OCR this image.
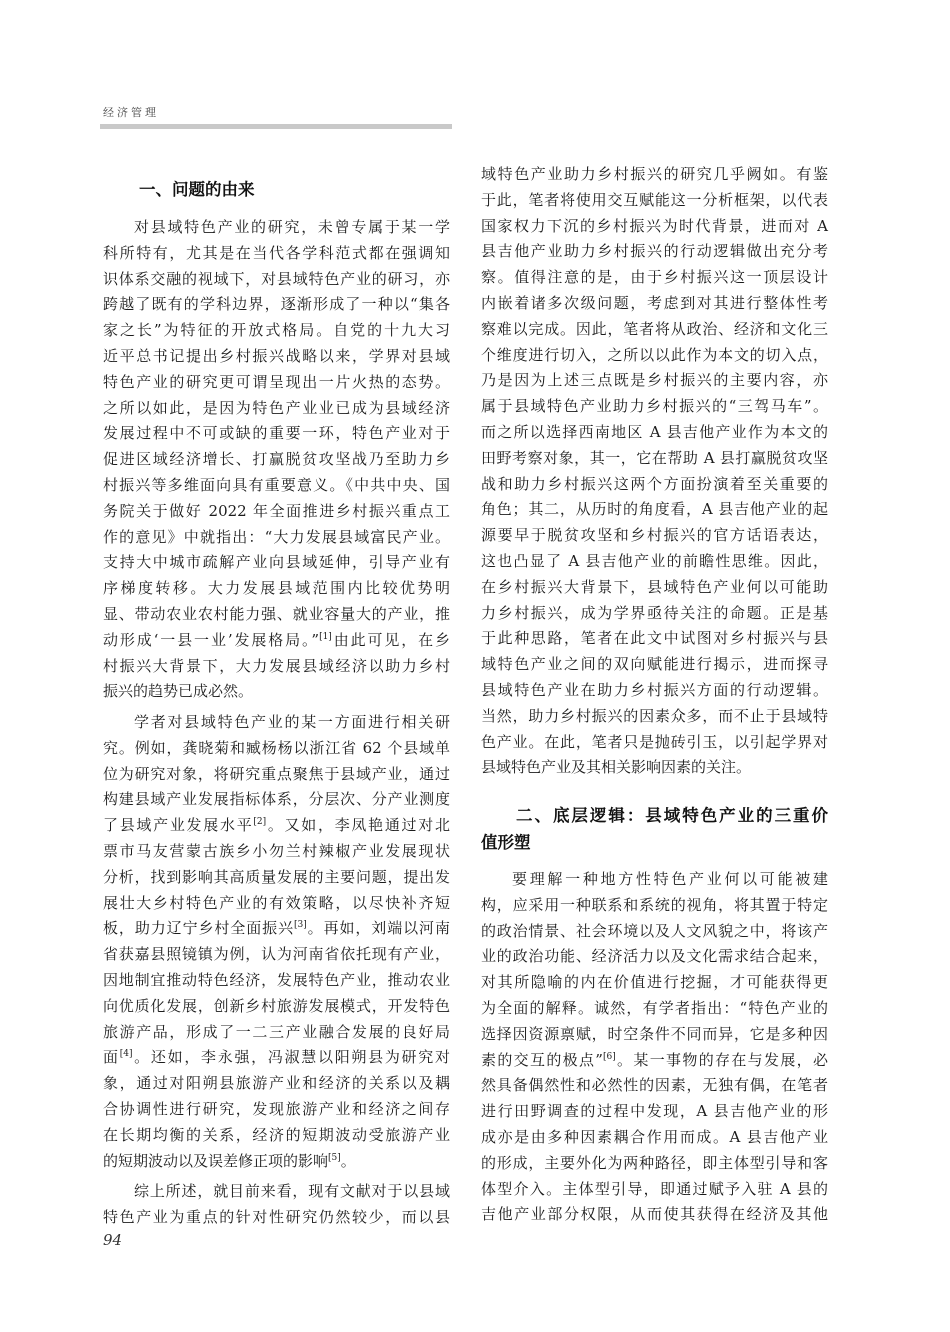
经济管理
一、问题的由来
对县域特色产业的研究，未曾专属于某一学
科所特有，尤其是在当代各学科范式都在强调知
识体系交融的视域下，对县域特色产业的研习，亦
跨越了既有的学科边界，逐渐形成了一种以“集各
家之长”为特征的开放式格局。自党的十九大习
近平总书记提出乡村振兴战略以来，学界对县域
特色产业的研究更可谓呈现出一片火热的态势。
之所以如此，是因为特色产业业已成为县域经济
发展过程中不可或缺的重要一环，特色产业对于
促进区域经济增长、打赢脱贫攻坚战乃至助力乡
村振兴等多维面向具有重要意义。《中共中央、国
务院关于做好 2022 年全面推进乡村振兴重点工
作的意见》中就指出：“大力发展县域富民产业。
支持大中城市疏解产业向县域延伸，引导产业有
序梯度转移。大力发展县域范围内比较优势明
显、带动农业农村能力强、就业容量大的产业，推
动形成‘一县一业’发展格局。”[1]由此可见，在乡
村振兴大背景下，大力发展县域经济以助力乡村
振兴的趋势已成必然。
学者对县域特色产业的某一方面进行相关研
究。例如，龚晓菊和臧杨杨以浙江省 62 个县域单
位为研究对象，将研究重点聚焦于县域产业，通过
构建县域产业发展指标体系，分层次、分产业测度
了县域产业发展水平[2]。又如，李凤艳通过对北
票市马友营蒙古族乡小勿兰村辣椒产业发展现状
分析，找到影响其高质量发展的主要问题，提出发
展壮大乡村特色产业的有效策略，以尽快补齐短
板，助力辽宁乡村全面振兴[3]。再如，刘端以河南
省获嘉县照镜镇为例，认为河南省依托现有产业，
因地制宜推动特色经济，发展特色产业，推动农业
向优质化发展，创新乡村旅游发展模式，开发特色
旅游产品，形成了一二三产业融合发展的良好局
面[4]。还如，李永强，冯淑慧以阳朔县为研究对
象，通过对阳朔县旅游产业和经济的关系以及耦
合协调性进行研究，发现旅游产业和经济之间存
在长期均衡的关系，经济的短期波动受旅游产业
的短期波动以及误差修正项的影响[5]。
综上所述，就目前来看，现有文献对于以县域
特色产业为重点的针对性研究仍然较少，而以县
94
域特色产业助力乡村振兴的研究几乎阙如。有鉴
于此，笔者将使用交互赋能这一分析框架，以代表
国家权力下沉的乡村振兴为时代背景，进而对 A
县吉他产业助力乡村振兴的行动逻辑做出充分考
察。值得注意的是，由于乡村振兴这一顶层设计
内嵌着诸多次级问题，考虑到对其进行整体性考
察难以完成。因此，笔者将从政治、经济和文化三
个维度进行切入，之所以以此作为本文的切入点，
乃是因为上述三点既是乡村振兴的主要内容，亦
属于县域特色产业助力乡村振兴的“三驾马车”。
而之所以选择西南地区 A 县吉他产业作为本文的
田野考察对象，其一，它在帮助 A 县打赢脱贫攻坚
战和助力乡村振兴这两个方面扮演着至关重要的
角色；其二，从历时的角度看，A 县吉他产业的起
源要早于脱贫攻坚和乡村振兴的官方话语表达，
这也凸显了 A 县吉他产业的前瞻性思维。因此，
在乡村振兴大背景下，县域特色产业何以可能助
力乡村振兴，成为学界亟待关注的命题。正是基
于此种思路，笔者在此文中试图对乡村振兴与县
域特色产业之间的双向赋能进行揭示，进而探寻
县域特色产业在助力乡村振兴方面的行动逻辑。
当然，助力乡村振兴的因素众多，而不止于县域特
色产业。在此，笔者只是抛砖引玉，以引起学界对
县域特色产业及其相关影响因素的关注。
二、底层逻辑：县域特色产业的三重价
值形塑
要理解一种地方性特色产业何以可能被建
构，应采用一种联系和系统的视角，将其置于特定
的政治情景、社会环境以及人文风貌之中，将该产
业的政治功能、经济活力以及文化需求结合起来，
对其所隐喻的内在价值进行挖掘，才可能获得更
为全面的解释。诚然，有学者指出：“特色产业的
选择因资源禀赋，时空条件不同而异，它是多种因
素的交互的极点”[6]。某一事物的存在与发展，必
然具备偶然性和必然性的因素，无独有偶，在笔者
进行田野调查的过程中发现，A 县吉他产业的形
成亦是由多种因素耦合作用而成。A 县吉他产业
的形成，主要外化为两种路径，即主体型引导和客
体型介入。主体型引导，即通过赋予入驻 A 县的
吉他产业部分权限，从而使其获得在经济及其他
